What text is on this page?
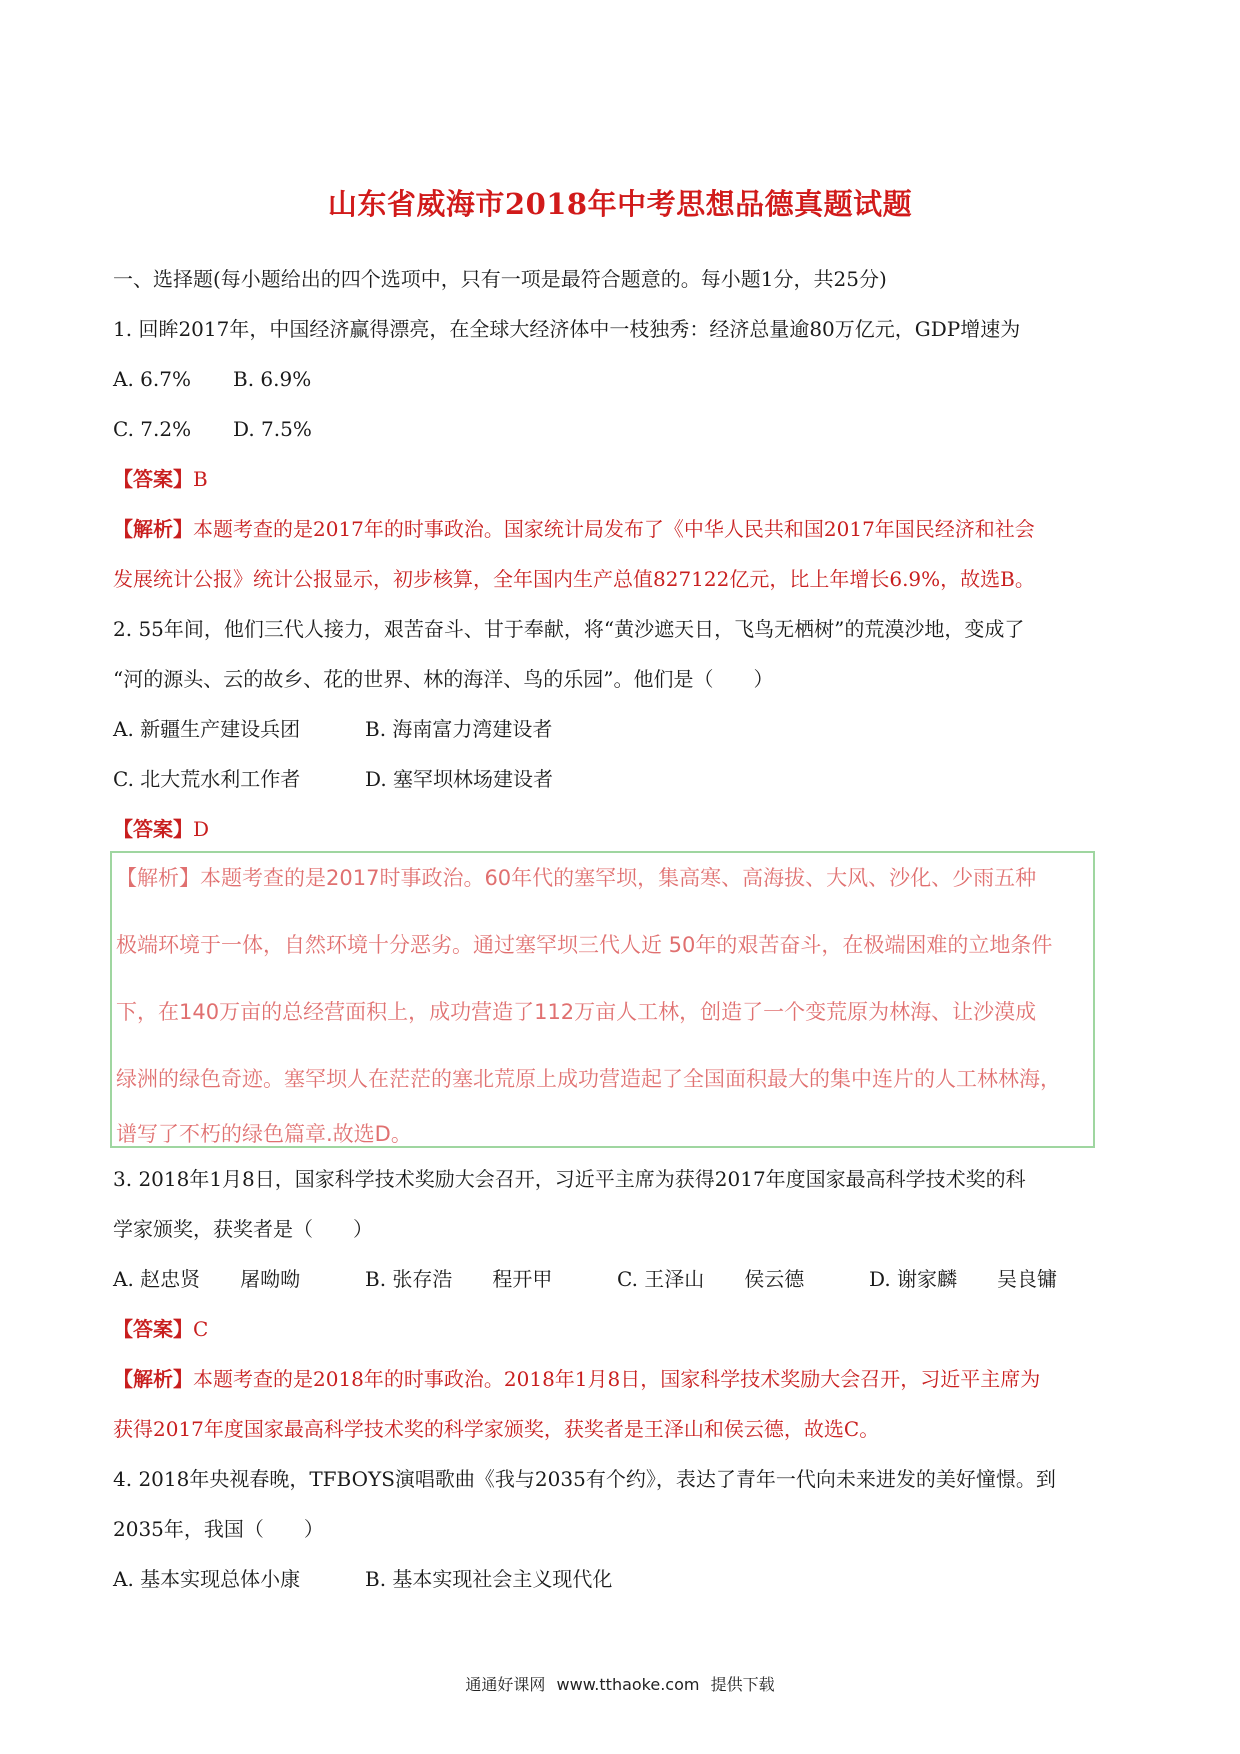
山东省威海市2018年中考思想品德真题试题
一、选择题(每小题给出的四个选项中，只有一项是最符合题意的。每小题1分，共25分)
1. 回眸2017年，中国经济赢得漂亮，在全球大经济体中一枝独秀：经济总量逾80万亿元，GDP增速为
A. 6.7% B. 6.9%
C. 7.2% D. 7.5%
【答案】B
【解析】本题考查的是2017年的时事政治。国家统计局发布了《中华人民共和国2017年国民经济和社会
发展统计公报》统计公报显示，初步核算，全年国内生产总值827122亿元，比上年增长6.9%，故选B。
2. 55年间，他们三代人接力，艰苦奋斗、甘于奉献，将“黄沙遮天日，飞鸟无栖树”的荒漠沙地，变成了
“河的源头、云的故乡、花的世界、林的海洋、鸟的乐园”。他们是（　　）
A. 新疆生产建设兵团	B. 海南富力湾建设者
C. 北大荒水利工作者	D. 塞罕坝林场建设者
【答案】D
【解析】本题考查的是2017时事政治。60年代的塞罕坝，集高寒、高海拔、大风、沙化、少雨五种
极端环境于一体，自然环境十分恶劣。通过塞罕坝三代人近 50年的艰苦奋斗，在极端困难的立地条件
下，在140万亩的总经营面积上，成功营造了112万亩人工林，创造了一个变荒原为林海、让沙漠成
绿洲的绿色奇迹。塞罕坝人在茫茫的塞北荒原上成功营造起了全国面积最大的集中连片的人工林林海，
谱写了不朽的绿色篇章.故选D。
3. 2018年1月8日，国家科学技术奖励大会召开，习近平主席为获得2017年度国家最高科学技术奖的科
学家颁奖，获奖者是（　　）
A. 赵忠贤　　屠呦呦	B. 张存浩　　程开甲	C. 王泽山　　侯云德	D. 谢家麟　　吴良镛
【答案】C
【解析】本题考查的是2018年的时事政治。2018年1月8日，国家科学技术奖励大会召开，习近平主席为
获得2017年度国家最高科学技术奖的科学家颁奖，获奖者是王泽山和侯云德，故选C。
4. 2018年央视春晚，TFBOYS演唱歌曲《我与2035有个约》，表达了青年一代向未来进发的美好憧憬。到
2035年，我国（　　）
A. 基本实现总体小康	B. 基本实现社会主义现代化
通通好课网 www.tthaoke.com 提供下载
